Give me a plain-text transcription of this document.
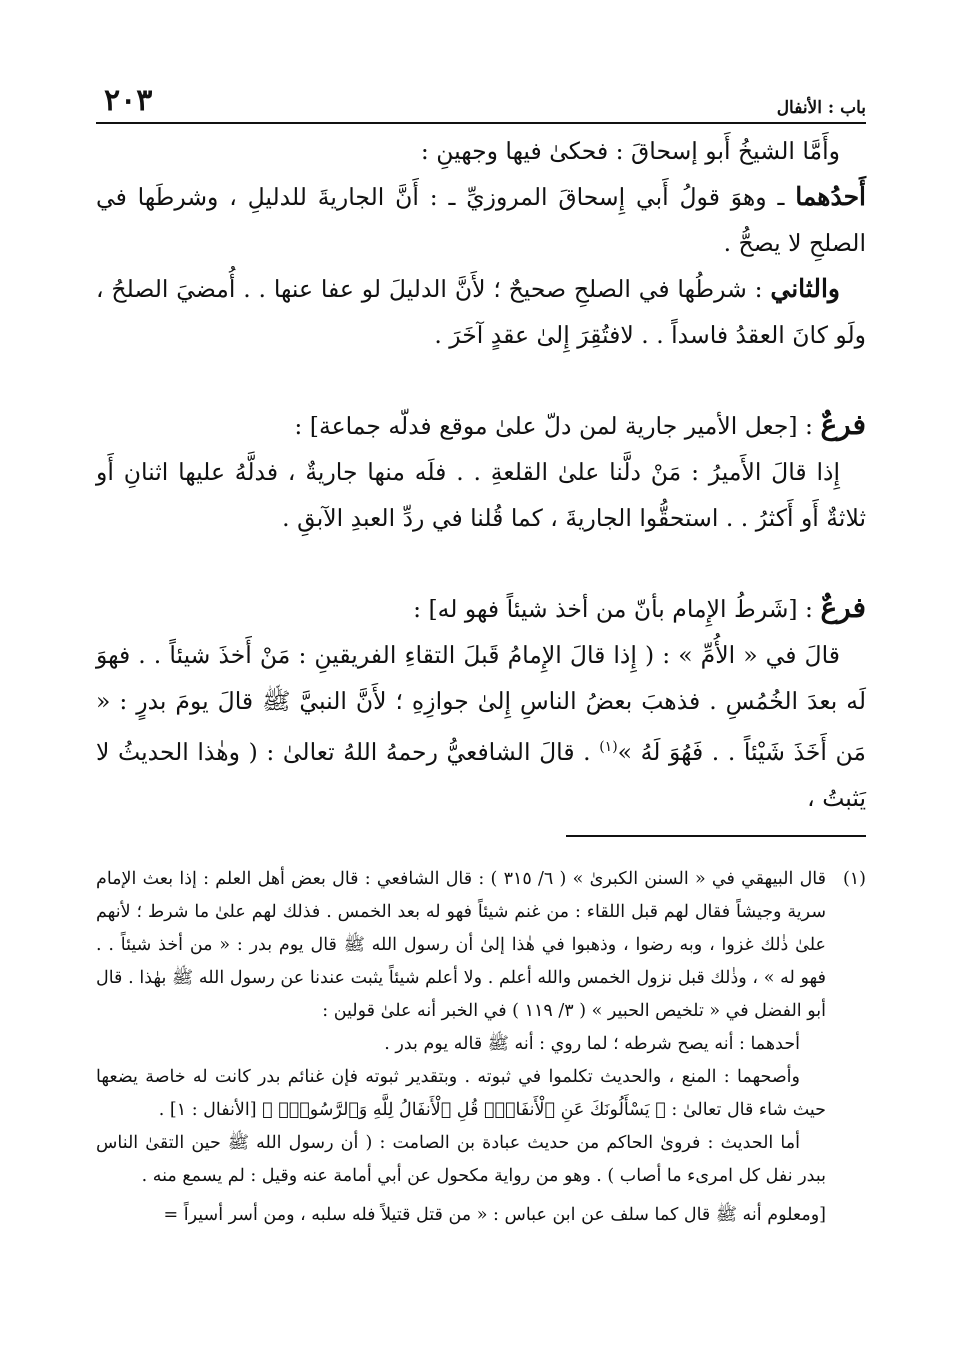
باب : الأنفال
٢٠٣

وأَمَّا الشيخُ أَبو إسحاقَ : فحكىٰ فيها وجهينِ :

أَحدُهما ـ وهوَ قولُ أَبي إِسحاقَ المروزيِّ ـ : أَنَّ الجاريةَ للدليلِ ، وشرطَها في الصلحِ لا يصحُّ .

والثاني : شرطُها في الصلحِ صحيحٌ ؛ لأَنَّ الدليلَ لو عفا عنها . . أُمضيَ الصلحُ ، ولَو كانَ العقدُ فاسداً . . لافتُقِرَ إِلىٰ عقدٍ آخَرَ .

فرعٌ : [جعل الأمير جارية لمن دلّ علىٰ موقع فدلّه جماعة] :

إِذا قالَ الأَميرُ : مَنْ دلَّنا علىٰ القلعةِ . . فلَه منها جاريةٌ ، فدلَّهُ عليها اثنانِ أَو ثلاثةٌ أَو أَكثرُ . . استحقُّوا الجاريةَ ، كما قُلنا في ردِّ العبدِ الآبقِ .

فرعٌ : [شَرطُ الإِمام بأنّ من أخذ شيئاً فهو له] :

قالَ في « الأُمِّ » : ( إِذا قالَ الإِمامُ قَبلَ التقاءِ الفريقينِ : مَنْ أَخذَ شيئاً . . فهوَ لَه بعدَ الخُمُسِ . فذهبَ بعضُ الناسِ إِلىٰ جوازِهِ ؛ لأَنَّ النبيَّ ﷺ قالَ يومَ بدرٍ : « مَن أَخَذَ شَيْئاً . . فَهُوَ لَهُ »$^{(١)}$ . قالَ الشافعيُّ رحمهُ اللهُ تعالىٰ : ( وهٰذا الحديثُ لا يَثبتُ ،

(١)

قال البيهقي في « السنن الكبرىٰ » ( ٦/ ٣١٥ ) : قال الشافعي : قال بعض أهل العلم : إذا بعث الإمام سرية وجيشاً فقال لهم قبل اللقاء : من غنم شيئاً فهو له بعد الخمس . فذلك لهم علىٰ ما شرط ؛ لأنهم علىٰ ذٰلك غزوا ، وبه رضوا ، وذهبوا في هٰذا إلىٰ أن رسول الله ﷺ قال يوم بدر : « من أخذ شيئاً . . فهو له » ، وذٰلك قبل نزول الخمس والله أعلم . ولا أعلم شيئاً يثبت عندنا عن رسول الله ﷺ بهٰذا . قال أبو الفضل في « تلخيص الحبير » ( ٣/ ١١٩ ) في الخبر أنه علىٰ قولين :

أحدهما : أنه يصح شرطه ؛ لما روي : أنه ﷺ قاله يوم بدر .

وأصحهما : المنع ، والحديث تكلموا في ثبوته . وبتقدير ثبوته فإن غنائم بدر كانت له خاصة يضعها حيث شاء قال تعالىٰ : ﴿ يَسْأَلُونَكَ عَنِ ٱلْأَنفَالِۖ قُلِ ٱلْأَنفَالُ لِلَّهِ وَٱلرَّسُولِۖ ﴾ [الأنفال : ١] .

أما الحديث : فرویٰ الحاكم من حديث عبادة بن الصامت : ( أن رسول الله ﷺ حين التقىٰ الناس ببدر نفل كل امرىء ما أصاب ) . وهو من رواية مكحول عن أبي أمامة عنه وقيل : لم يسمع منه .

[ومعلوم أنه ﷺ قال كما سلف عن ابن عباس : « من قتل قتيلاً فله سلبه ، ومن أسر أسيراً =
